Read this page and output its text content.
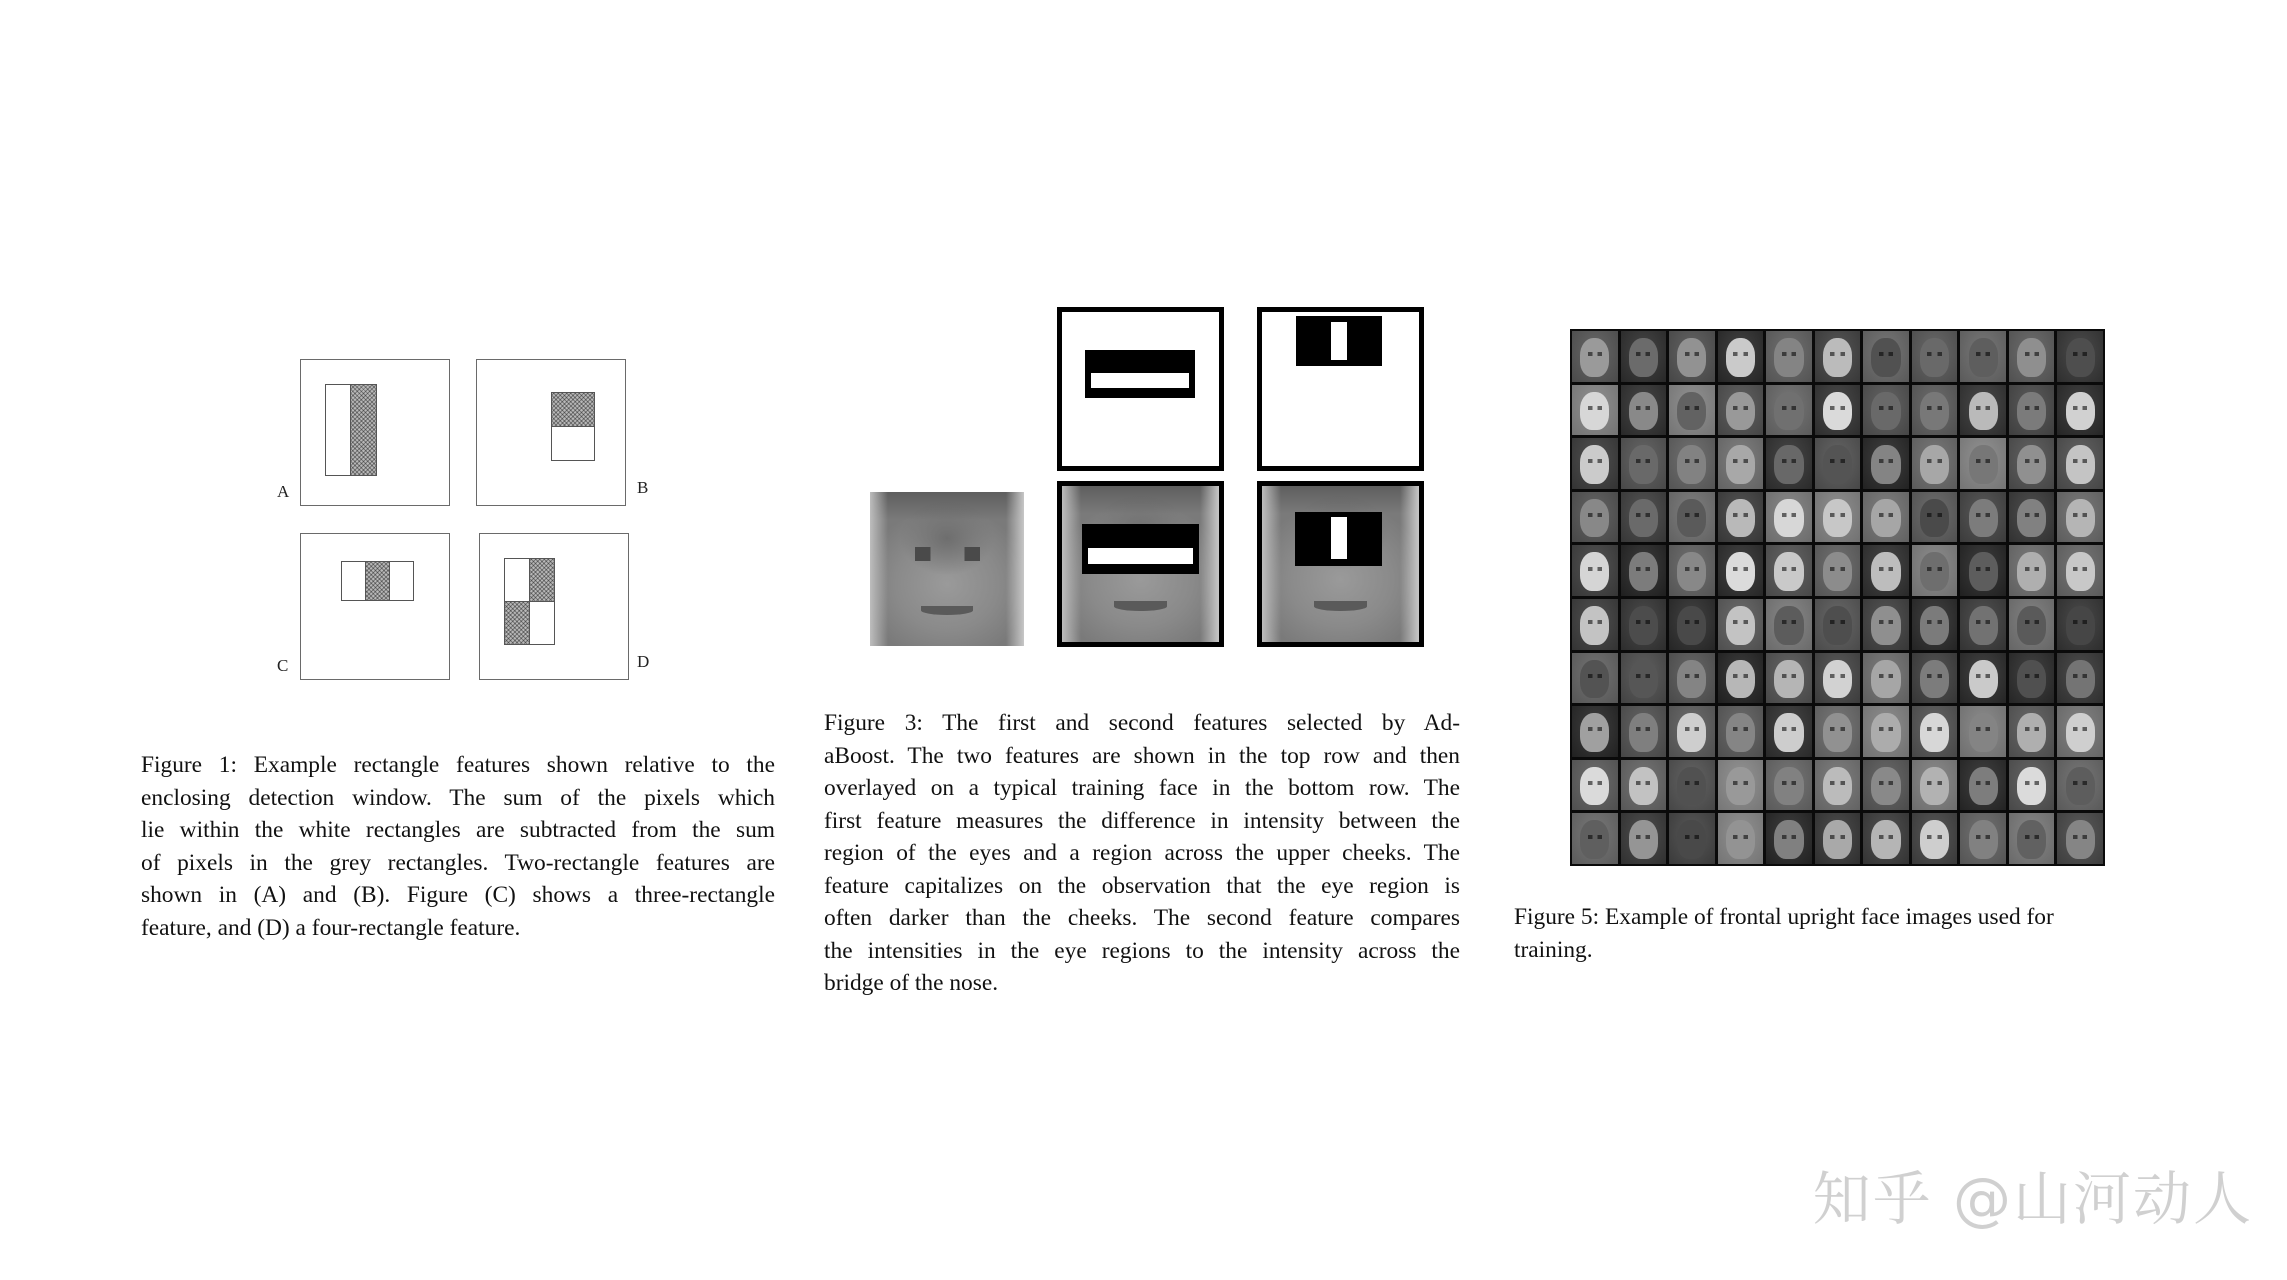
A	B
C	D
Figure 1: Example rectangle features shown relative to the
enclosing detection window. The sum of the pixels which
lie within the white rectangles are subtracted from the sum
of pixels in the grey rectangles. Two-rectangle features are
shown in (A) and (B). Figure (C) shows a three-rectangle
feature, and (D) a four-rectangle feature.
Figure 3: The first and second features selected by Ad-
aBoost. The two features are shown in the top row and then
overlayed on a typical training face in the bottom row. The
first feature measures the difference in intensity between the
region of the eyes and a region across the upper cheeks. The
feature capitalizes on the observation that the eye region is
often darker than the cheeks. The second feature compares
the intensities in the eye regions to the intensity across the
bridge of the nose.
Figure 5: Example of frontal upright face images used for
training.
知乎 @山河动人
